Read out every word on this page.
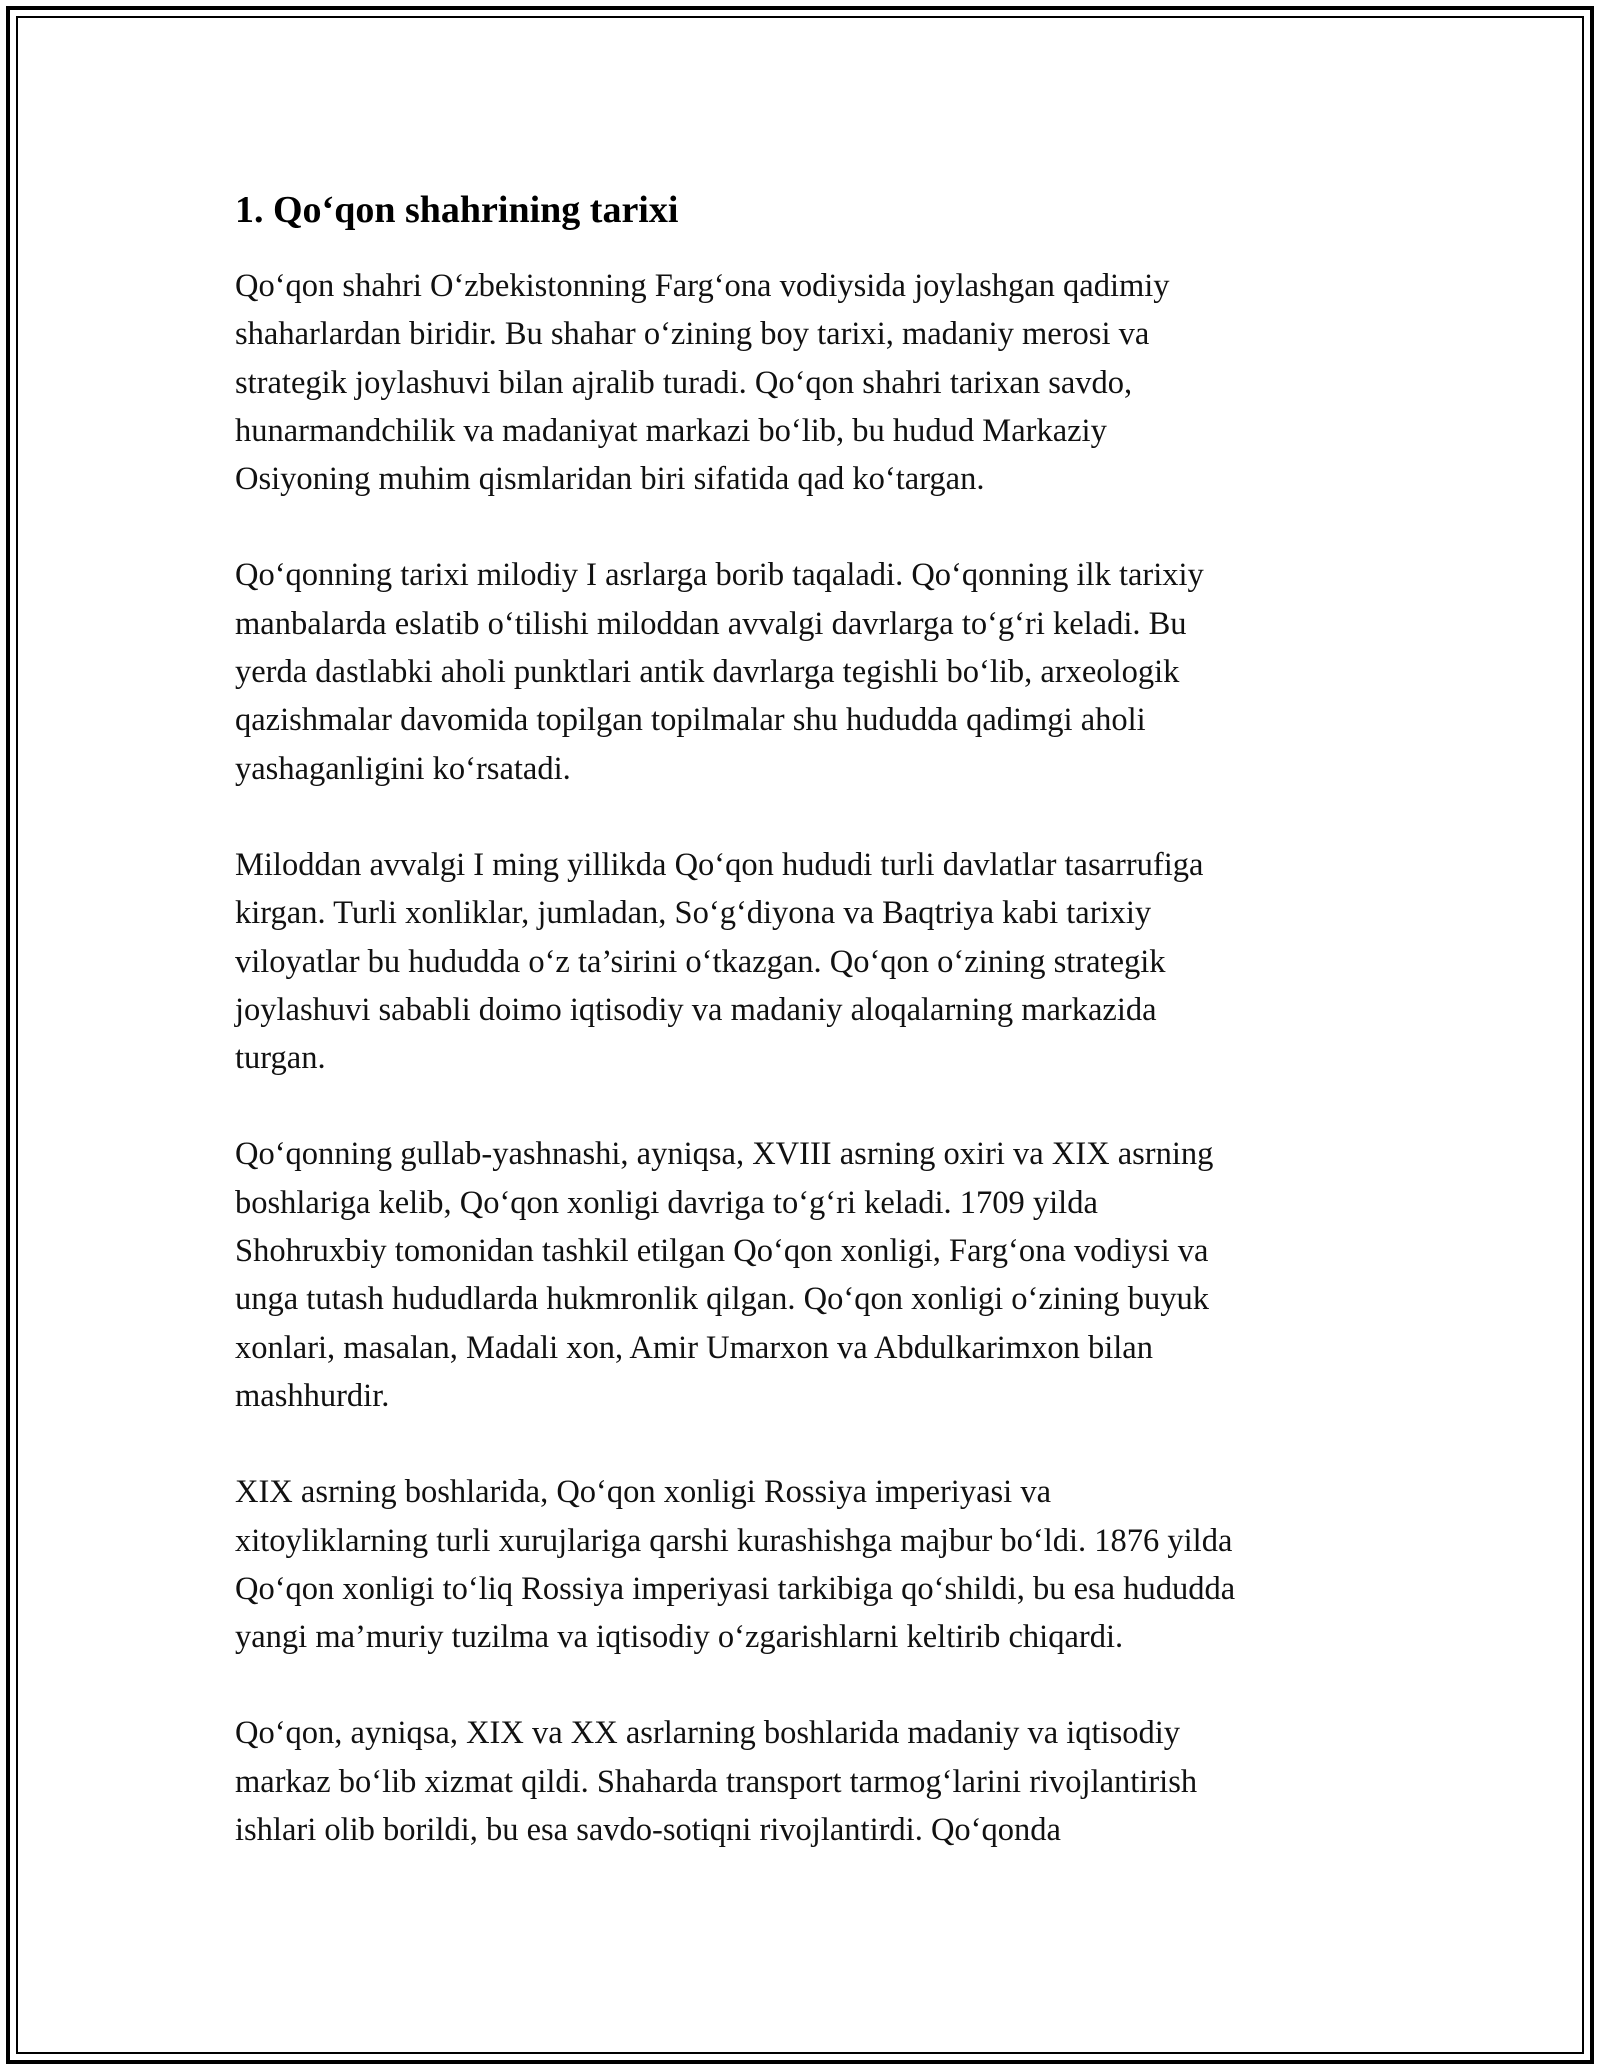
1. Qo‘qon shahrining tarixi

Qo‘qon shahri O‘zbekistonning Farg‘ona vodiysida joylashgan qadimiy
shaharlardan biridir. Bu shahar o‘zining boy tarixi, madaniy merosi va
strategik joylashuvi bilan ajralib turadi. Qo‘qon shahri tarixan savdo,
hunarmandchilik va madaniyat markazi bo‘lib, bu hudud Markaziy
Osiyoning muhim qismlaridan biri sifatida qad ko‘targan.

Qo‘qonning tarixi milodiy I asrlarga borib taqaladi. Qo‘qonning ilk tarixiy
manbalarda eslatib o‘tilishi miloddan avvalgi davrlarga to‘g‘ri keladi. Bu
yerda dastlabki aholi punktlari antik davrlarga tegishli bo‘lib, arxeologik
qazishmalar davomida topilgan topilmalar shu hududda qadimgi aholi
yashaganligini ko‘rsatadi.

Miloddan avvalgi I ming yillikda Qo‘qon hududi turli davlatlar tasarrufiga
kirgan. Turli xonliklar, jumladan, So‘g‘diyona va Baqtriya kabi tarixiy
viloyatlar bu hududda o‘z ta’sirini o‘tkazgan. Qo‘qon o‘zining strategik
joylashuvi sababli doimo iqtisodiy va madaniy aloqalarning markazida
turgan.

Qo‘qonning gullab-yashnashi, ayniqsa, XVIII asrning oxiri va XIX asrning
boshlariga kelib, Qo‘qon xonligi davriga to‘g‘ri keladi. 1709 yilda
Shohruxbiy tomonidan tashkil etilgan Qo‘qon xonligi, Farg‘ona vodiysi va
unga tutash hududlarda hukmronlik qilgan. Qo‘qon xonligi o‘zining buyuk
xonlari, masalan, Madali xon, Amir Umarxon va Abdulkarimxon bilan
mashhurdir.

XIX asrning boshlarida, Qo‘qon xonligi Rossiya imperiyasi va
xitoyliklarning turli xurujlariga qarshi kurashishga majbur bo‘ldi. 1876 yilda
Qo‘qon xonligi to‘liq Rossiya imperiyasi tarkibiga qo‘shildi, bu esa hududda
yangi ma’muriy tuzilma va iqtisodiy o‘zgarishlarni keltirib chiqardi.

Qo‘qon, ayniqsa, XIX va XX asrlarning boshlarida madaniy va iqtisodiy
markaz bo‘lib xizmat qildi. Shaharda transport tarmog‘larini rivojlantirish
ishlari olib borildi, bu esa savdo-sotiqni rivojlantirdi. Qo‘qonda
